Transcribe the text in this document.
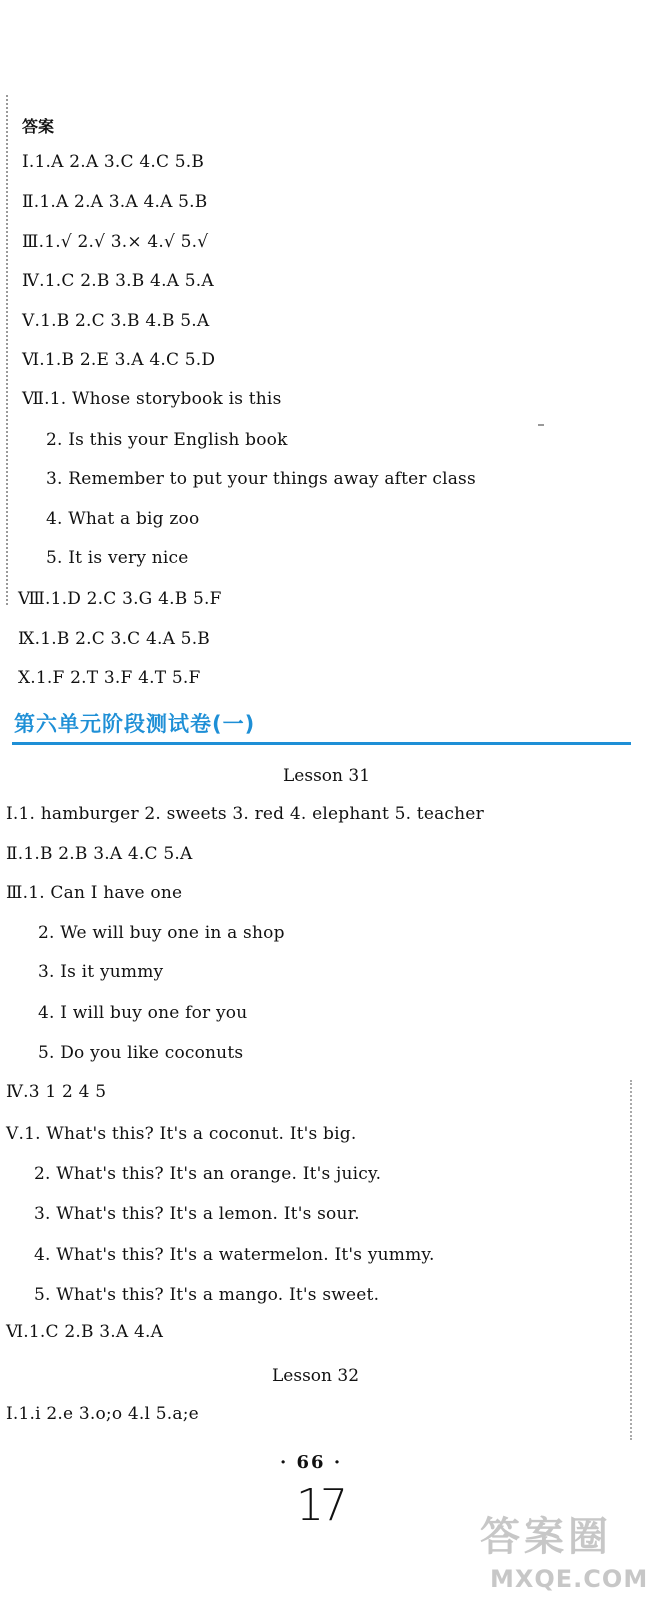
答案
Ⅰ.1.A 2.A 3.C 4.C 5.B
Ⅱ.1.A 2.A 3.A 4.A 5.B
Ⅲ.1.√ 2.√ 3.× 4.√ 5.√
Ⅳ.1.C 2.B 3.B 4.A 5.A
Ⅴ.1.B 2.C 3.B 4.B 5.A
Ⅵ.1.B 2.E 3.A 4.C 5.D
Ⅶ.1. Whose storybook is this
2. Is this your English book
3. Remember to put your things away after class
4. What a big zoo
5. It is very nice
Ⅷ.1.D 2.C 3.G 4.B 5.F
Ⅸ.1.B 2.C 3.C 4.A 5.B
Ⅹ.1.F 2.T 3.F 4.T 5.F
第六单元阶段测试卷(一)
Lesson 31
Ⅰ.1. hamburger 2. sweets 3. red 4. elephant 5. teacher
Ⅱ.1.B 2.B 3.A 4.C 5.A
Ⅲ.1. Can I have one
2. We will buy one in a shop
3. Is it yummy
4. I will buy one for you
5. Do you like coconuts
Ⅳ.3 1 2 4 5
Ⅴ.1. What's this? It's a coconut. It's big.
2. What's this? It's an orange. It's juicy.
3. What's this? It's a lemon. It's sour.
4. What's this? It's a watermelon. It's yummy.
5. What's this? It's a mango. It's sweet.
Ⅵ.1.C 2.B 3.A 4.A
Lesson 32
Ⅰ.1.i 2.e 3.o;o 4.l 5.a;e
· 66 ·
17
答案圈
MXQE.COM
